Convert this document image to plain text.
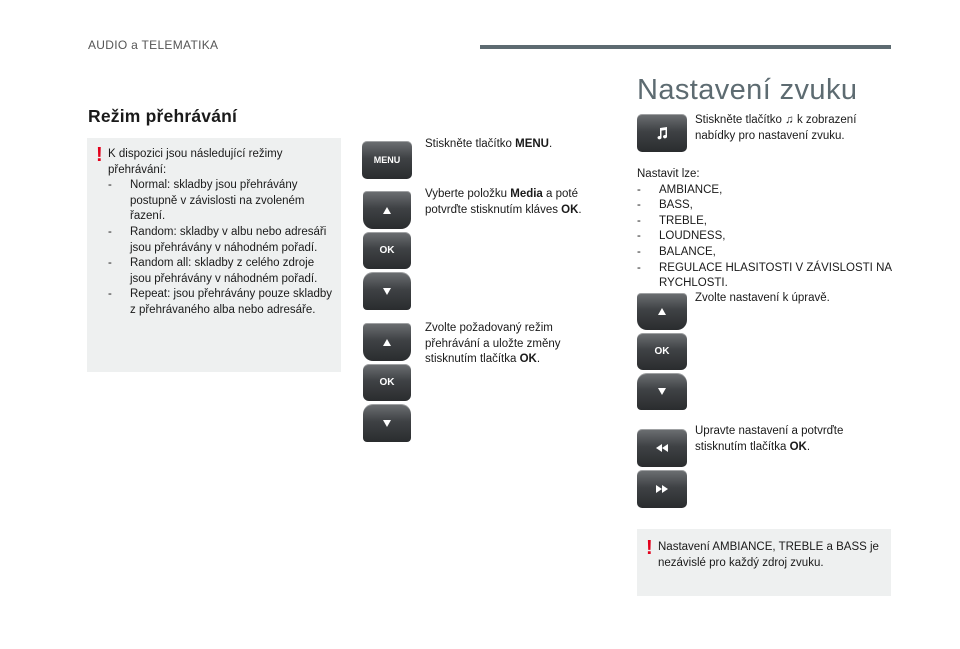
AUDIO a TELEMATIKA
Režim přehrávání
! K dispozici jsou následující režimy přehrávání:
- Normal: skladby jsou přehrávány postupně v závislosti na zvoleném řazení.
- Random: skladby v albu nebo adresáři jsou přehrávány v náhodném pořadí.
- Random all: skladby z celého zdroje jsou přehrávány v náhodném pořadí.
- Repeat: jsou přehrávány pouze skladby z přehrávaného alba nebo adresáře.
MENU
OK
OK
Stiskněte tlačítko MENU.
Vyberte položku Media a poté potvrďte stisknutím kláves OK.
Zvolte požadovaný režim přehrávání a uložte změny stisknutím tlačítka OK.
Nastavení zvuku
Stiskněte tlačítko ♫ k zobrazení nabídky pro nastavení zvuku.
Nastavit lze:
- AMBIANCE,
- BASS,
- TREBLE,
- LOUDNESS,
- BALANCE,
- REGULACE HLASITOSTI V ZÁVISLOSTI NA RYCHLOSTI.
OK
Zvolte nastavení k úpravě.
Upravte nastavení a potvrďte stisknutím tlačítka OK.
! Nastavení AMBIANCE, TREBLE a BASS je nezávislé pro každý zdroj zvuku.
